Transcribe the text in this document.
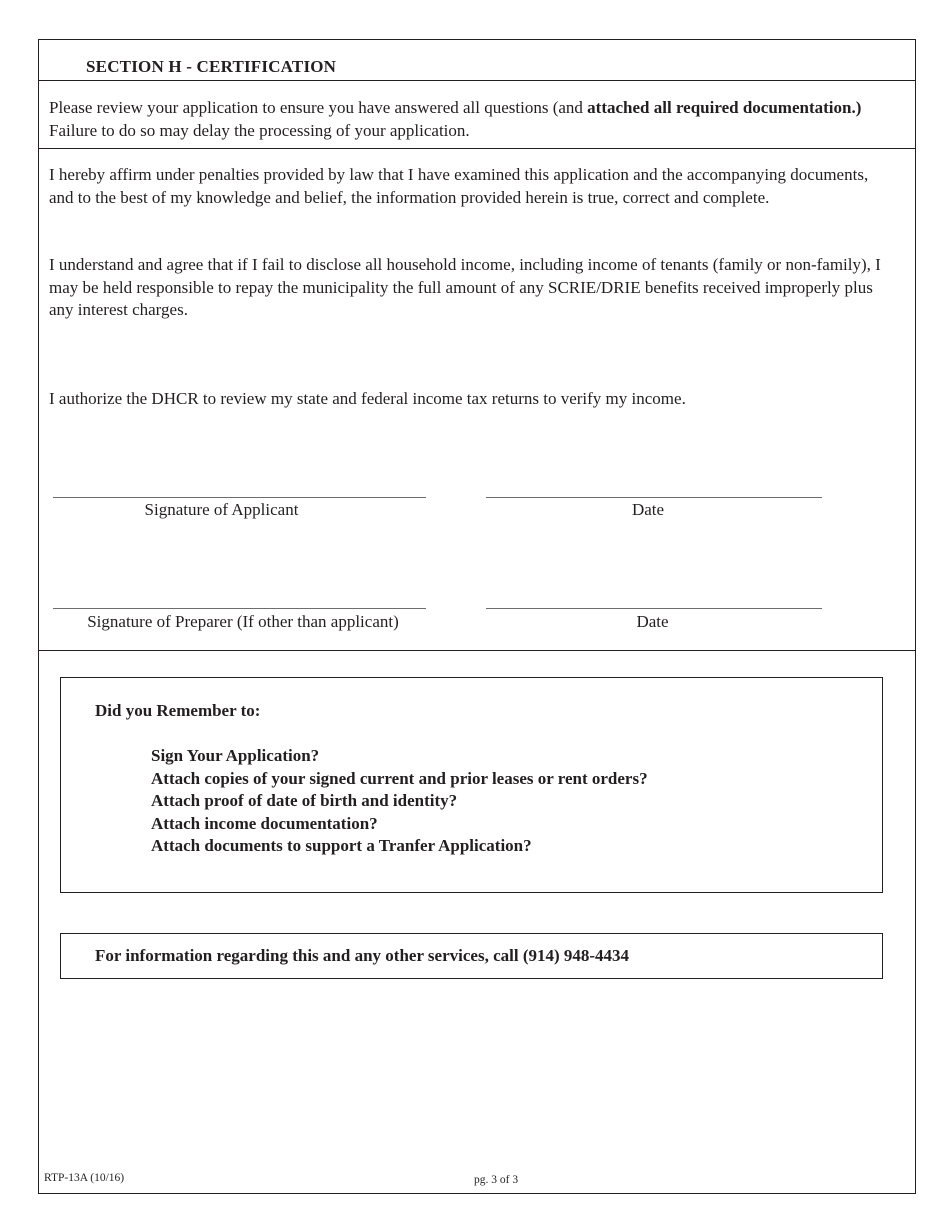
SECTION H - CERTIFICATION
Please review your application to ensure you have answered all questions (and attached all required documentation.) Failure to do so may delay the processing of your application.
I hereby affirm under penalties provided by law that I have examined this application and the accompanying documents, and to the best of my knowledge and belief, the information provided herein is true, correct and complete.
I understand and agree that if I fail to disclose all household income, including income of tenants (family or non-family), I may be held responsible to repay the municipality the full amount of any SCRIE/DRIE benefits received improperly plus any interest charges.
I authorize the DHCR to review my state and federal income tax returns to verify my income.
Signature of Applicant	Date
Signature of Preparer (If other than applicant)	Date
Did you Remember to:
Sign Your Application?
Attach copies of your signed current and prior leases or rent orders?
Attach proof of date of birth and identity?
Attach income documentation?
Attach documents to support a Tranfer Application?
For information regarding this and any other services, call (914) 948-4434
RTP-13A (10/16)	pg. 3 of 3
